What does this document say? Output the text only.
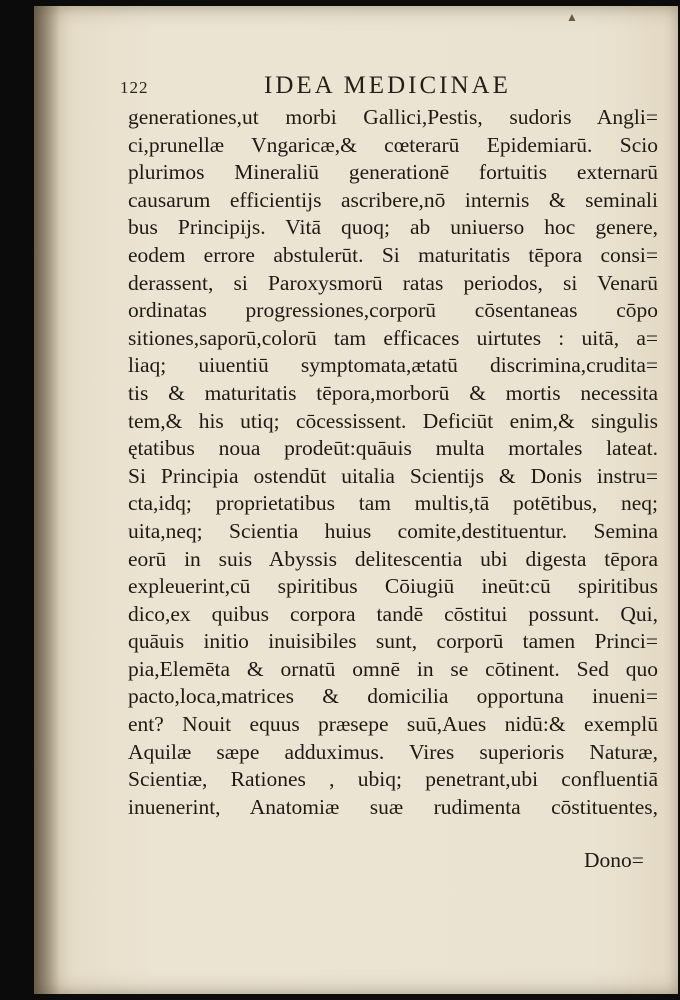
▲
122	IDEA MEDICINAE
generationes,ut morbi Gallici,Pestis, sudoris Angli=
ci,prunellæ Vngaricæ,& cœterarū Epidemiarū. Scio
plurimos Mineraliū generationē fortuitis externarū
causarum efficientijs ascribere,nō internis & seminali
bus Principijs. Vitā quoq; ab uniuerso hoc genere,
eodem errore abstulerūt. Si maturitatis tēpora consi=
derassent, si Paroxysmorū ratas periodos, si Venarū
ordinatas progressiones,corporū cōsentaneas cōpo
sitiones,saporū,colorū tam efficaces uirtutes : uitā, a=
liaq; uiuentiū symptomata,ætatū discrimina,crudita=
tis & maturitatis tēpora,morborū & mortis necessita
tem,& his utiq; cōcessissent. Deficiūt enim,& singulis
ętatibus noua prodeūt:quāuis multa mortales lateat.
Si Principia ostendūt uitalia Scientijs & Donis instru=
cta,idq; proprietatibus tam multis,tā potētibus, neq;
uita,neq; Scientia huius comite,destituentur. Semina
eorū in suis Abyssis delitescentia ubi digesta tēpora
expleuerint,cū spiritibus Cōiugiū ineūt:cū spiritibus
dico,ex quibus corpora tandē cōstitui possunt. Qui,
quāuis initio inuisibiles sunt, corporū tamen Princi=
pia,Elemēta & ornatū omnē in se cōtinent. Sed quo
pacto,loca,matrices & domicilia opportuna inueni=
ent? Nouit equus præsepe suū,Aues nidū:& exemplū
Aquilæ sæpe adduximus. Vires superioris Naturæ,
Scientiæ, Rationes , ubiq; penetrant,ubi confluentiā
inuenerint, Anatomiæ suæ rudimenta cōstituentes,
Dono=
